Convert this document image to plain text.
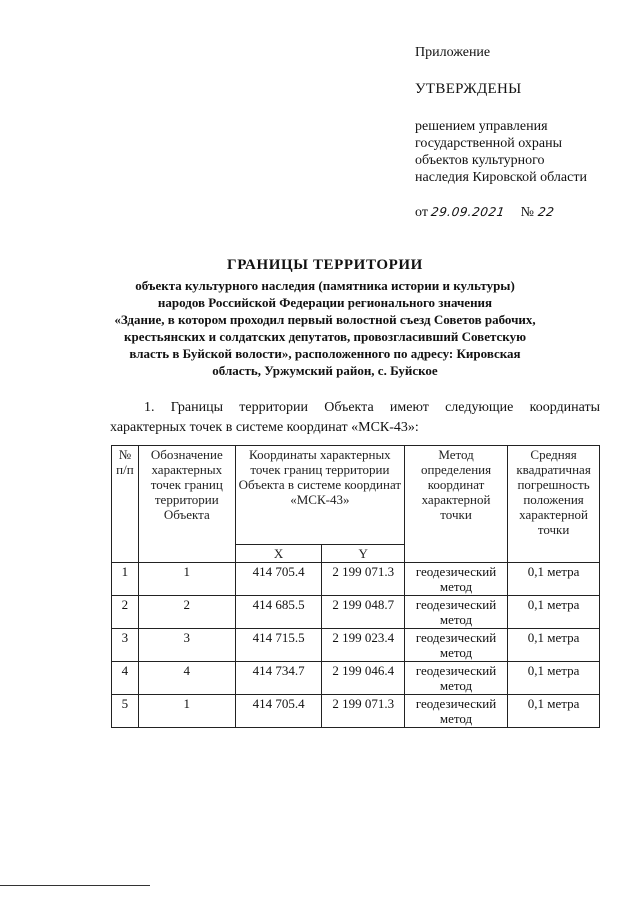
Приложение
УТВЕРЖДЕНЫ
решением управления
государственной охраны
объектов культурного
наследия Кировской области
от 29.09.2021 № 22
ГРАНИЦЫ ТЕРРИТОРИИ
объекта культурного наследия (памятника истории и культуры)
народов Российской Федерации регионального значения
«Здание, в котором проходил первый волостной съезд Советов рабочих,
крестьянских и солдатских депутатов, провозгласивший Советскую
власть в Буйской волости», расположенного по адресу: Кировская
область, Уржумский район, с. Буйское
1. Границы территории Объекта имеют следующие координаты характерных точек в системе координат «МСК-43»:
№ п/п	Обозначение характерных точек границ территории Объекта	Координаты характерных точек границ территории Объекта в системе координат «МСК-43»		Метод определения координат характерной точки	Средняя квадратичная погрешность положения характерной точки
		X	Y		
1	1	414 705.4	2 199 071.3	геодезический метод	0,1 метра
2	2	414 685.5	2 199 048.7	геодезический метод	0,1 метра
3	3	414 715.5	2 199 023.4	геодезический метод	0,1 метра
4	4	414 734.7	2 199 046.4	геодезический метод	0,1 метра
5	1	414 705.4	2 199 071.3	геодезический метод	0,1 метра
